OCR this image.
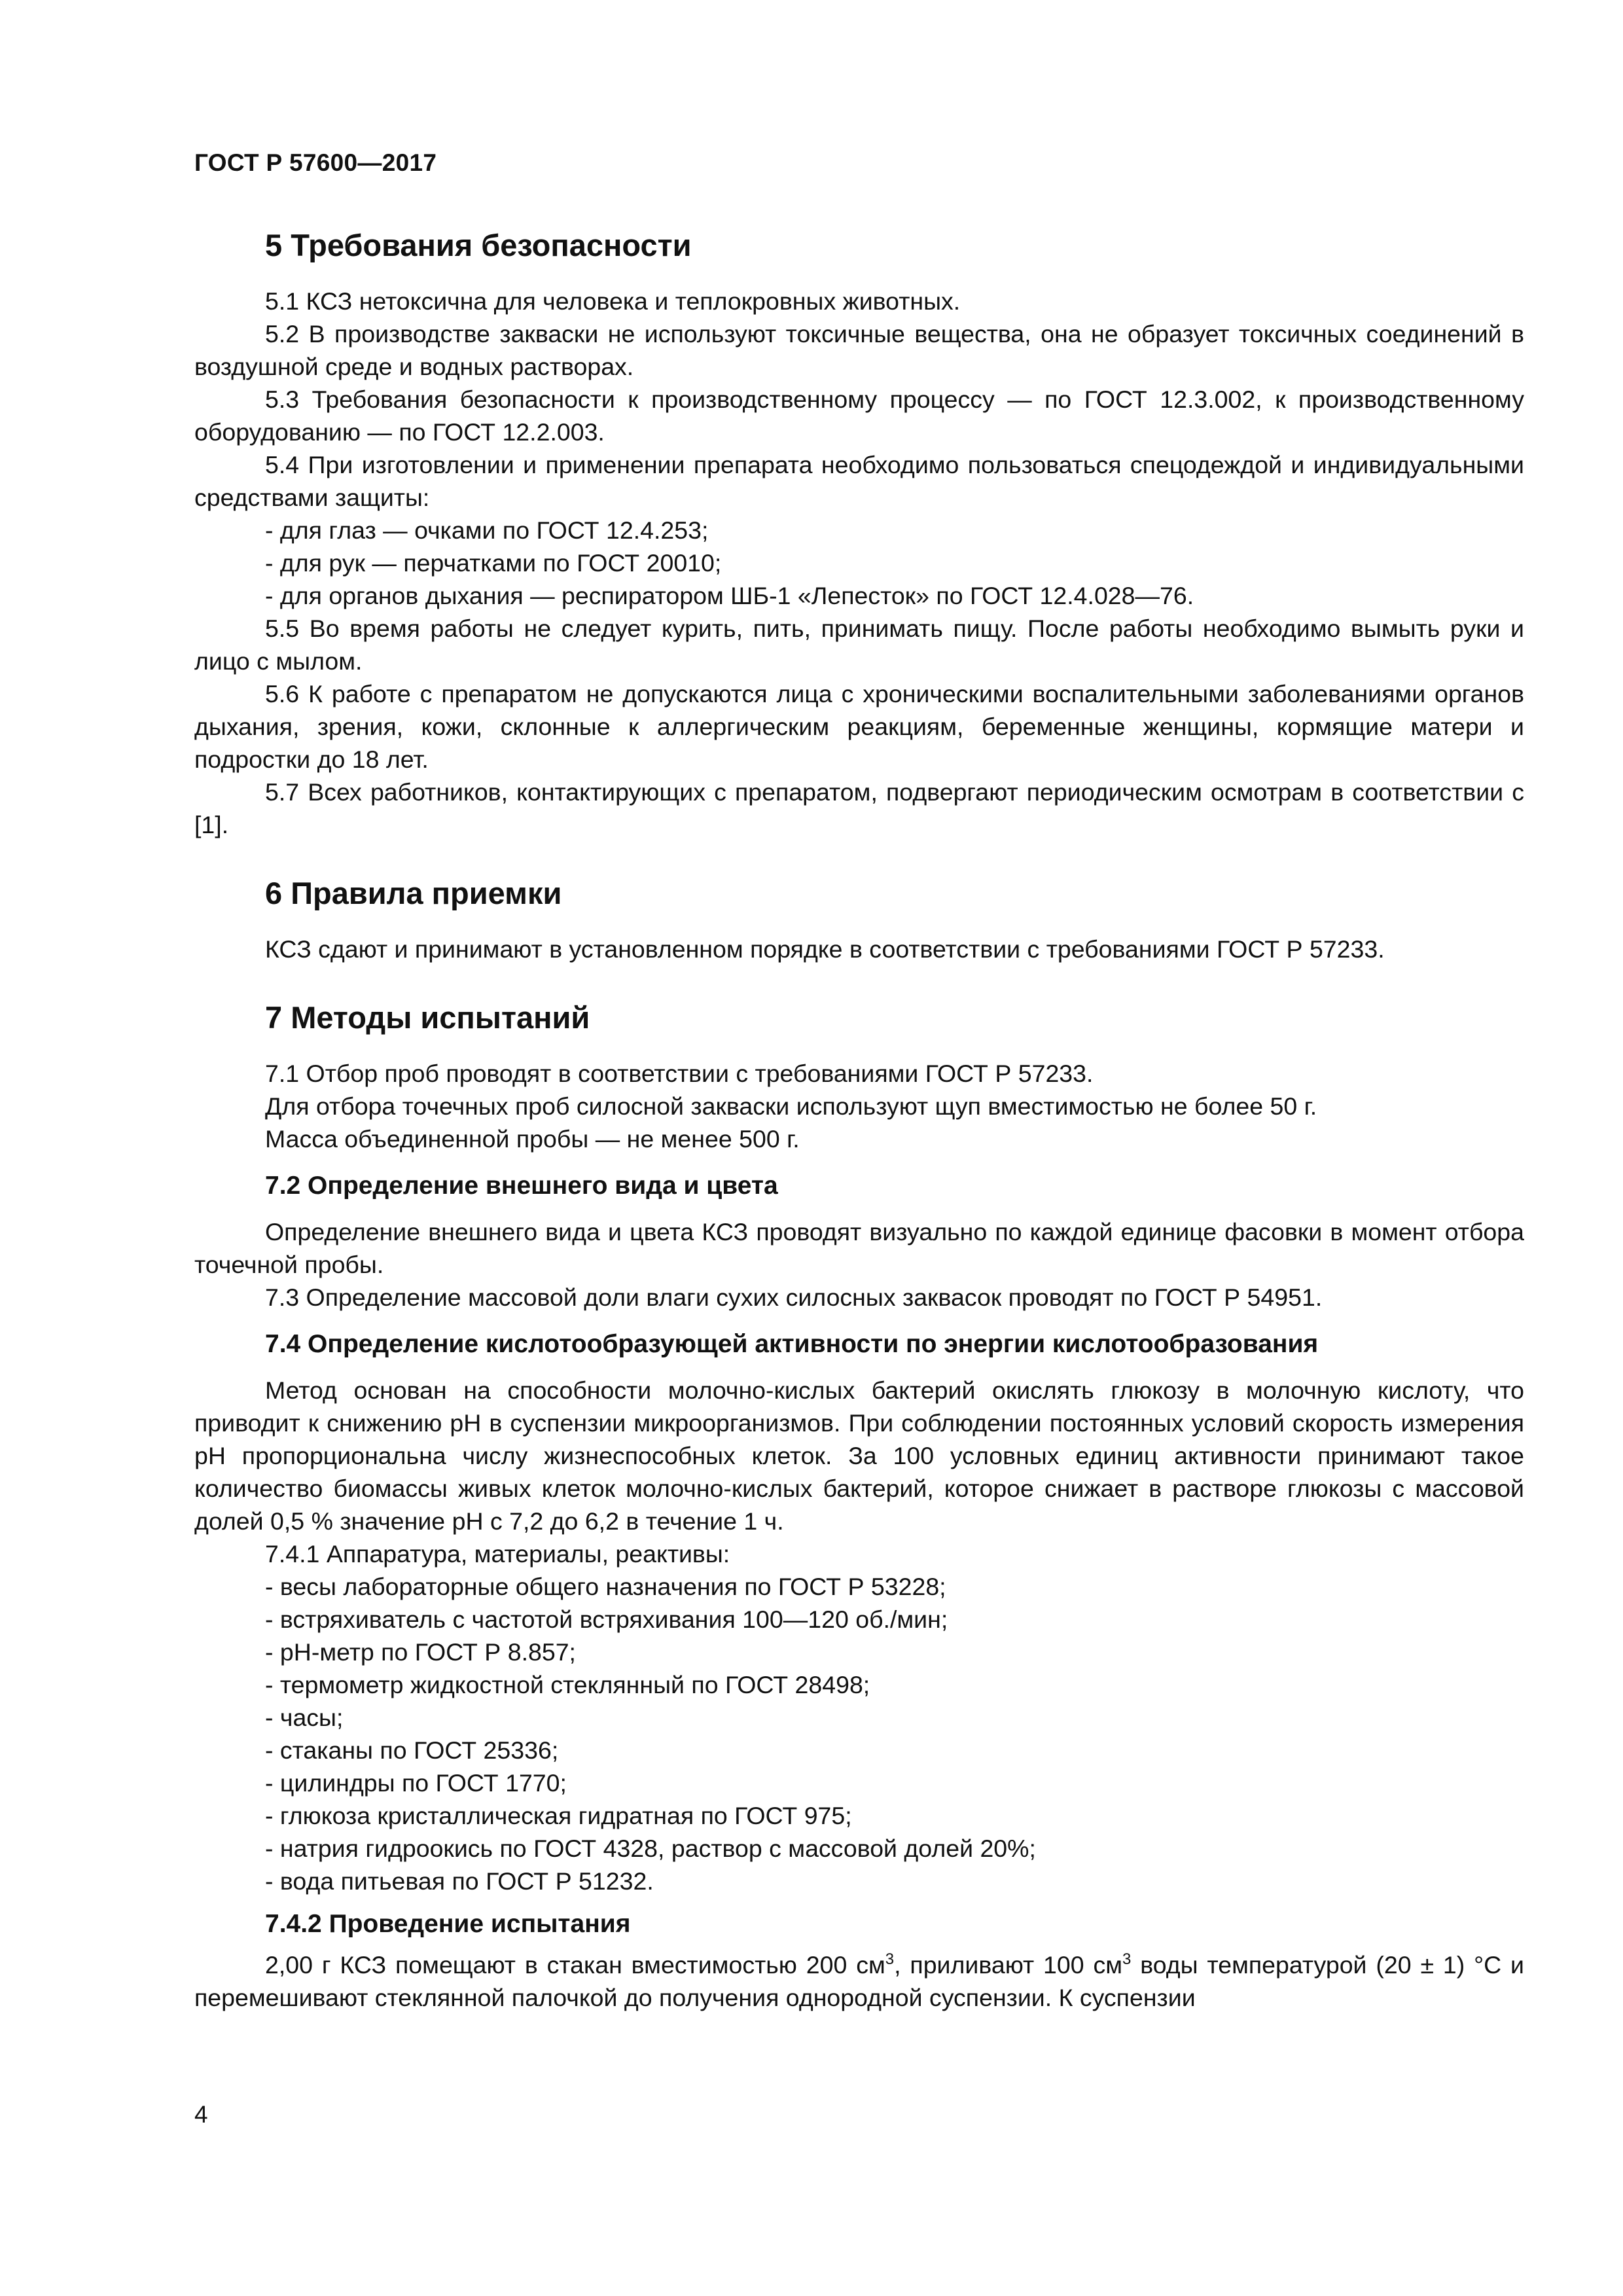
ГОСТ Р 57600—2017
5 Требования безопасности

5.1 КСЗ нетоксична для человека и теплокровных животных.

5.2 В производстве закваски не используют токсичные вещества, она не образует токсичных соединений в воздушной среде и водных растворах.

5.3 Требования безопасности к производственному процессу — по ГОСТ 12.3.002, к производственному оборудованию — по ГОСТ 12.2.003.

5.4 При изготовлении и применении препарата необходимо пользоваться спецодеждой и индивидуальными средствами защиты:

- для глаз — очками по ГОСТ 12.4.253;
- для рук — перчатками по ГОСТ 20010;
- для органов дыхания — респиратором ШБ-1 «Лепесток» по ГОСТ 12.4.028—76.

5.5 Во время работы не следует курить, пить, принимать пищу. После работы необходимо вымыть руки и лицо с мылом.

5.6 К работе с препаратом не допускаются лица с хроническими воспалительными заболеваниями органов дыхания, зрения, кожи, склонные к аллергическим реакциям, беременные женщины, кормящие матери и подростки до 18 лет.

5.7 Всех работников, контактирующих с препаратом, подвергают периодическим осмотрам в соответствии с [1].

6 Правила приемки

КСЗ сдают и принимают в установленном порядке в соответствии с требованиями ГОСТ Р 57233.

7 Методы испытаний

7.1 Отбор проб проводят в соответствии с требованиями ГОСТ Р 57233.

Для отбора точечных проб силосной закваски используют щуп вместимостью не более 50 г.

Масса объединенной пробы — не менее 500 г.

7.2 Определение внешнего вида и цвета

Определение внешнего вида и цвета КСЗ проводят визуально по каждой единице фасовки в момент отбора точечной пробы.

7.3 Определение массовой доли влаги сухих силосных заквасок проводят по ГОСТ Р 54951.

7.4 Определение кислотообразующей активности по энергии кислотообразования

Метод основан на способности молочно-кислых бактерий окислять глюкозу в молочную кислоту, что приводит к снижению рН в суспензии микроорганизмов. При соблюдении постоянных условий скорость измерения рН пропорциональна числу жизнеспособных клеток. За 100 условных единиц активности принимают такое количество биомассы живых клеток молочно-кислых бактерий, которое снижает в растворе глюкозы с массовой долей 0,5 % значение рН с 7,2 до 6,2 в течение 1 ч.

7.4.1 Аппаратура, материалы, реактивы:

- весы лабораторные общего назначения по ГОСТ Р 53228;
- встряхиватель с частотой встряхивания 100—120 об./мин;
- рН-метр по ГОСТ Р 8.857;
- термометр жидкостной стеклянный по ГОСТ 28498;
- часы;
- стаканы по ГОСТ 25336;
- цилиндры по ГОСТ 1770;
- глюкоза кристаллическая гидратная по ГОСТ 975;
- натрия гидроокись по ГОСТ 4328, раствор с массовой долей 20%;
- вода питьевая по ГОСТ Р 51232.
7.4.2 Проведение испытания

2,00 г КСЗ помещают в стакан вместимостью 200 $см^3$, приливают 100 $см^3$ воды температурой (20 ± 1) °С и перемешивают стеклянной палочкой до получения однородной суспензии. К суспензии

4
